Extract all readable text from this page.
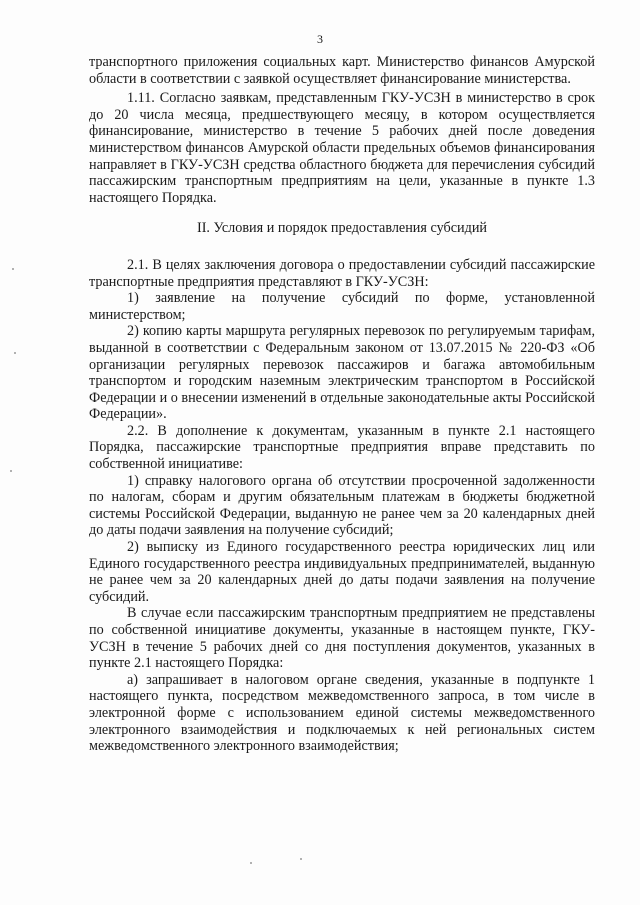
3

транспортного приложения социальных карт. Министерство финансов Амурской области в соответствии с заявкой осуществляет финансирование министерства.

1.11. Согласно заявкам, представленным ГКУ-УСЗН в министерство в срок до 20 числа месяца, предшествующего месяцу, в котором осуществляется финансирование, министерство в течение 5 рабочих дней после доведения министерством финансов Амурской области предельных объемов финансирования направляет в ГКУ-УСЗН средства областного бюджета для перечисления субсидий пассажирским транспортным предприятиям на цели, указанные в пункте 1.3 настоящего Порядка.

II. Условия и порядок предоставления субсидий

2.1. В целях заключения договора о предоставлении субсидий пассажирские транспортные предприятия представляют в ГКУ-УСЗН:

1) заявление на получение субсидий по форме, установленной министерством;

2) копию карты маршрута регулярных перевозок по регулируемым тарифам, выданной в соответствии с Федеральным законом от 13.07.2015 № 220-ФЗ «Об организации регулярных перевозок пассажиров и багажа автомобильным транспортом и городским наземным электрическим транспортом в Российской Федерации и о внесении изменений в отдельные законодательные акты Российской Федерации».

2.2. В дополнение к документам, указанным в пункте 2.1 настоящего Порядка, пассажирские транспортные предприятия вправе представить по собственной инициативе:

1) справку налогового органа об отсутствии просроченной задолженности по налогам, сборам и другим обязательным платежам в бюджеты бюджетной системы Российской Федерации, выданную не ранее чем за 20 календарных дней до даты подачи заявления на получение субсидий;

2) выписку из Единого государственного реестра юридических лиц или Единого государственного реестра индивидуальных предпринимателей, выданную не ранее чем за 20 календарных дней до даты подачи заявления на получение субсидий.

В случае если пассажирским транспортным предприятием не представлены по собственной инициативе документы, указанные в настоящем пункте, ГКУ-УСЗН в течение 5 рабочих дней со дня поступления документов, указанных в пункте 2.1 настоящего Порядка:

а) запрашивает в налоговом органе сведения, указанные в подпункте 1 настоящего пункта, посредством межведомственного запроса, в том числе в электронной форме с использованием единой системы межведомственного электронного взаимодействия и подключаемых к ней региональных систем межведомственного электронного взаимодействия;
